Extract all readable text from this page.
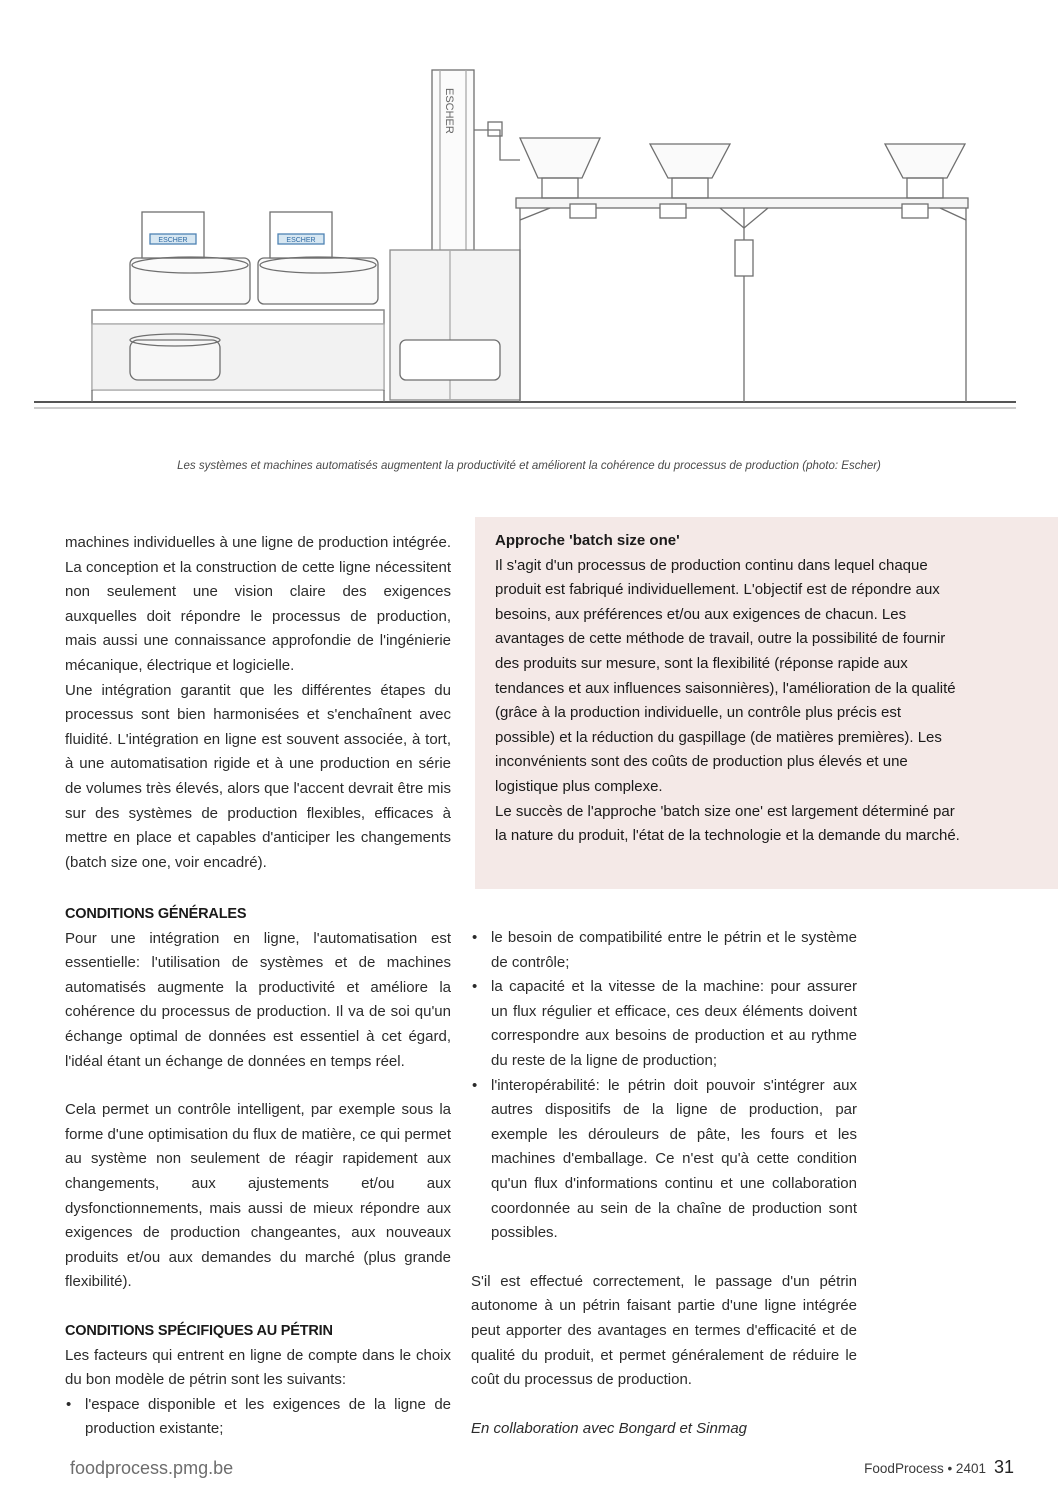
ESCHER	ESCHER
ESCHER
Les systèmes et machines automatisés augmentent la productivité et améliorent la cohérence du processus de production (photo: Escher)

machines individuelles à une ligne de production intégrée. La conception et la construction de cette ligne nécessitent non seulement une vision claire des exigences auxquelles doit répondre le processus de production, mais aussi une connaissance approfondie de l'ingénierie mécanique, électrique et logicielle.

Une intégration garantit que les différentes étapes du processus sont bien harmonisées et s'enchaînent avec fluidité. L'intégration en ligne est souvent associée, à tort, à une automatisation rigide et à une production en série de volumes très élevés, alors que l'accent devrait être mis sur des systèmes de production flexibles, efficaces à mettre en place et capables d'anticiper les changements (batch size one, voir encadré).

Approche 'batch size one'

Il s'agit d'un processus de production continu dans lequel chaque produit est fabriqué individuellement. L'objectif est de répondre aux besoins, aux préférences et/ou aux exigences de chacun. Les avantages de cette méthode de travail, outre la possibilité de fournir des produits sur mesure, sont la flexibilité (réponse rapide aux tendances et aux influences saisonnières), l'amélioration de la qualité (grâce à la production individuelle, un contrôle plus précis est possible) et la réduction du gaspillage (de matières premières). Les inconvénients sont des coûts de production plus élevés et une logistique plus complexe.

Le succès de l'approche 'batch size one' est largement déterminé par la nature du produit, l'état de la technologie et la demande du marché.

CONDITIONS GÉNÉRALES

Pour une intégration en ligne, l'automatisation est essentielle: l'utilisation de systèmes et de machines automatisés augmente la productivité et améliore la cohérence du processus de production. Il va de soi qu'un échange optimal de données est essentiel à cet égard, l'idéal étant un échange de données en temps réel.

Cela permet un contrôle intelligent, par exemple sous la forme d'une optimisation du flux de matière, ce qui permet au système non seulement de réagir rapidement aux changements, aux ajustements et/ou aux dysfonctionnements, mais aussi de mieux répondre aux exigences de production changeantes, aux nouveaux produits et/ou aux demandes du marché (plus grande flexibilité).

CONDITIONS SPÉCIFIQUES AU PÉTRIN

Les facteurs qui entrent en ligne de compte dans le choix du bon modèle de pétrin sont les suivants:

• l'espace disponible et les exigences de la ligne de production existante;
• le besoin de compatibilité entre le pétrin et le système de contrôle;
• la capacité et la vitesse de la machine: pour assurer un flux régulier et efficace, ces deux éléments doivent correspondre aux besoins de production et au rythme du reste de la ligne de production;
• l'interopérabilité: le pétrin doit pouvoir s'intégrer aux autres dispositifs de la ligne de production, par exemple les dérouleurs de pâte, les fours et les machines d'emballage. Ce n'est qu'à cette condition qu'un flux d'informations continu et une collaboration coordonnée au sein de la chaîne de production sont possibles.

S'il est effectué correctement, le passage d'un pétrin autonome à un pétrin faisant partie d'une ligne intégrée peut apporter des avantages en termes d'efficacité et de qualité du produit, et permet généralement de réduire le coût du processus de production.

En collaboration avec Bongard et Sinmag

foodprocess.pmg.be	FoodProcess • 2401 31
